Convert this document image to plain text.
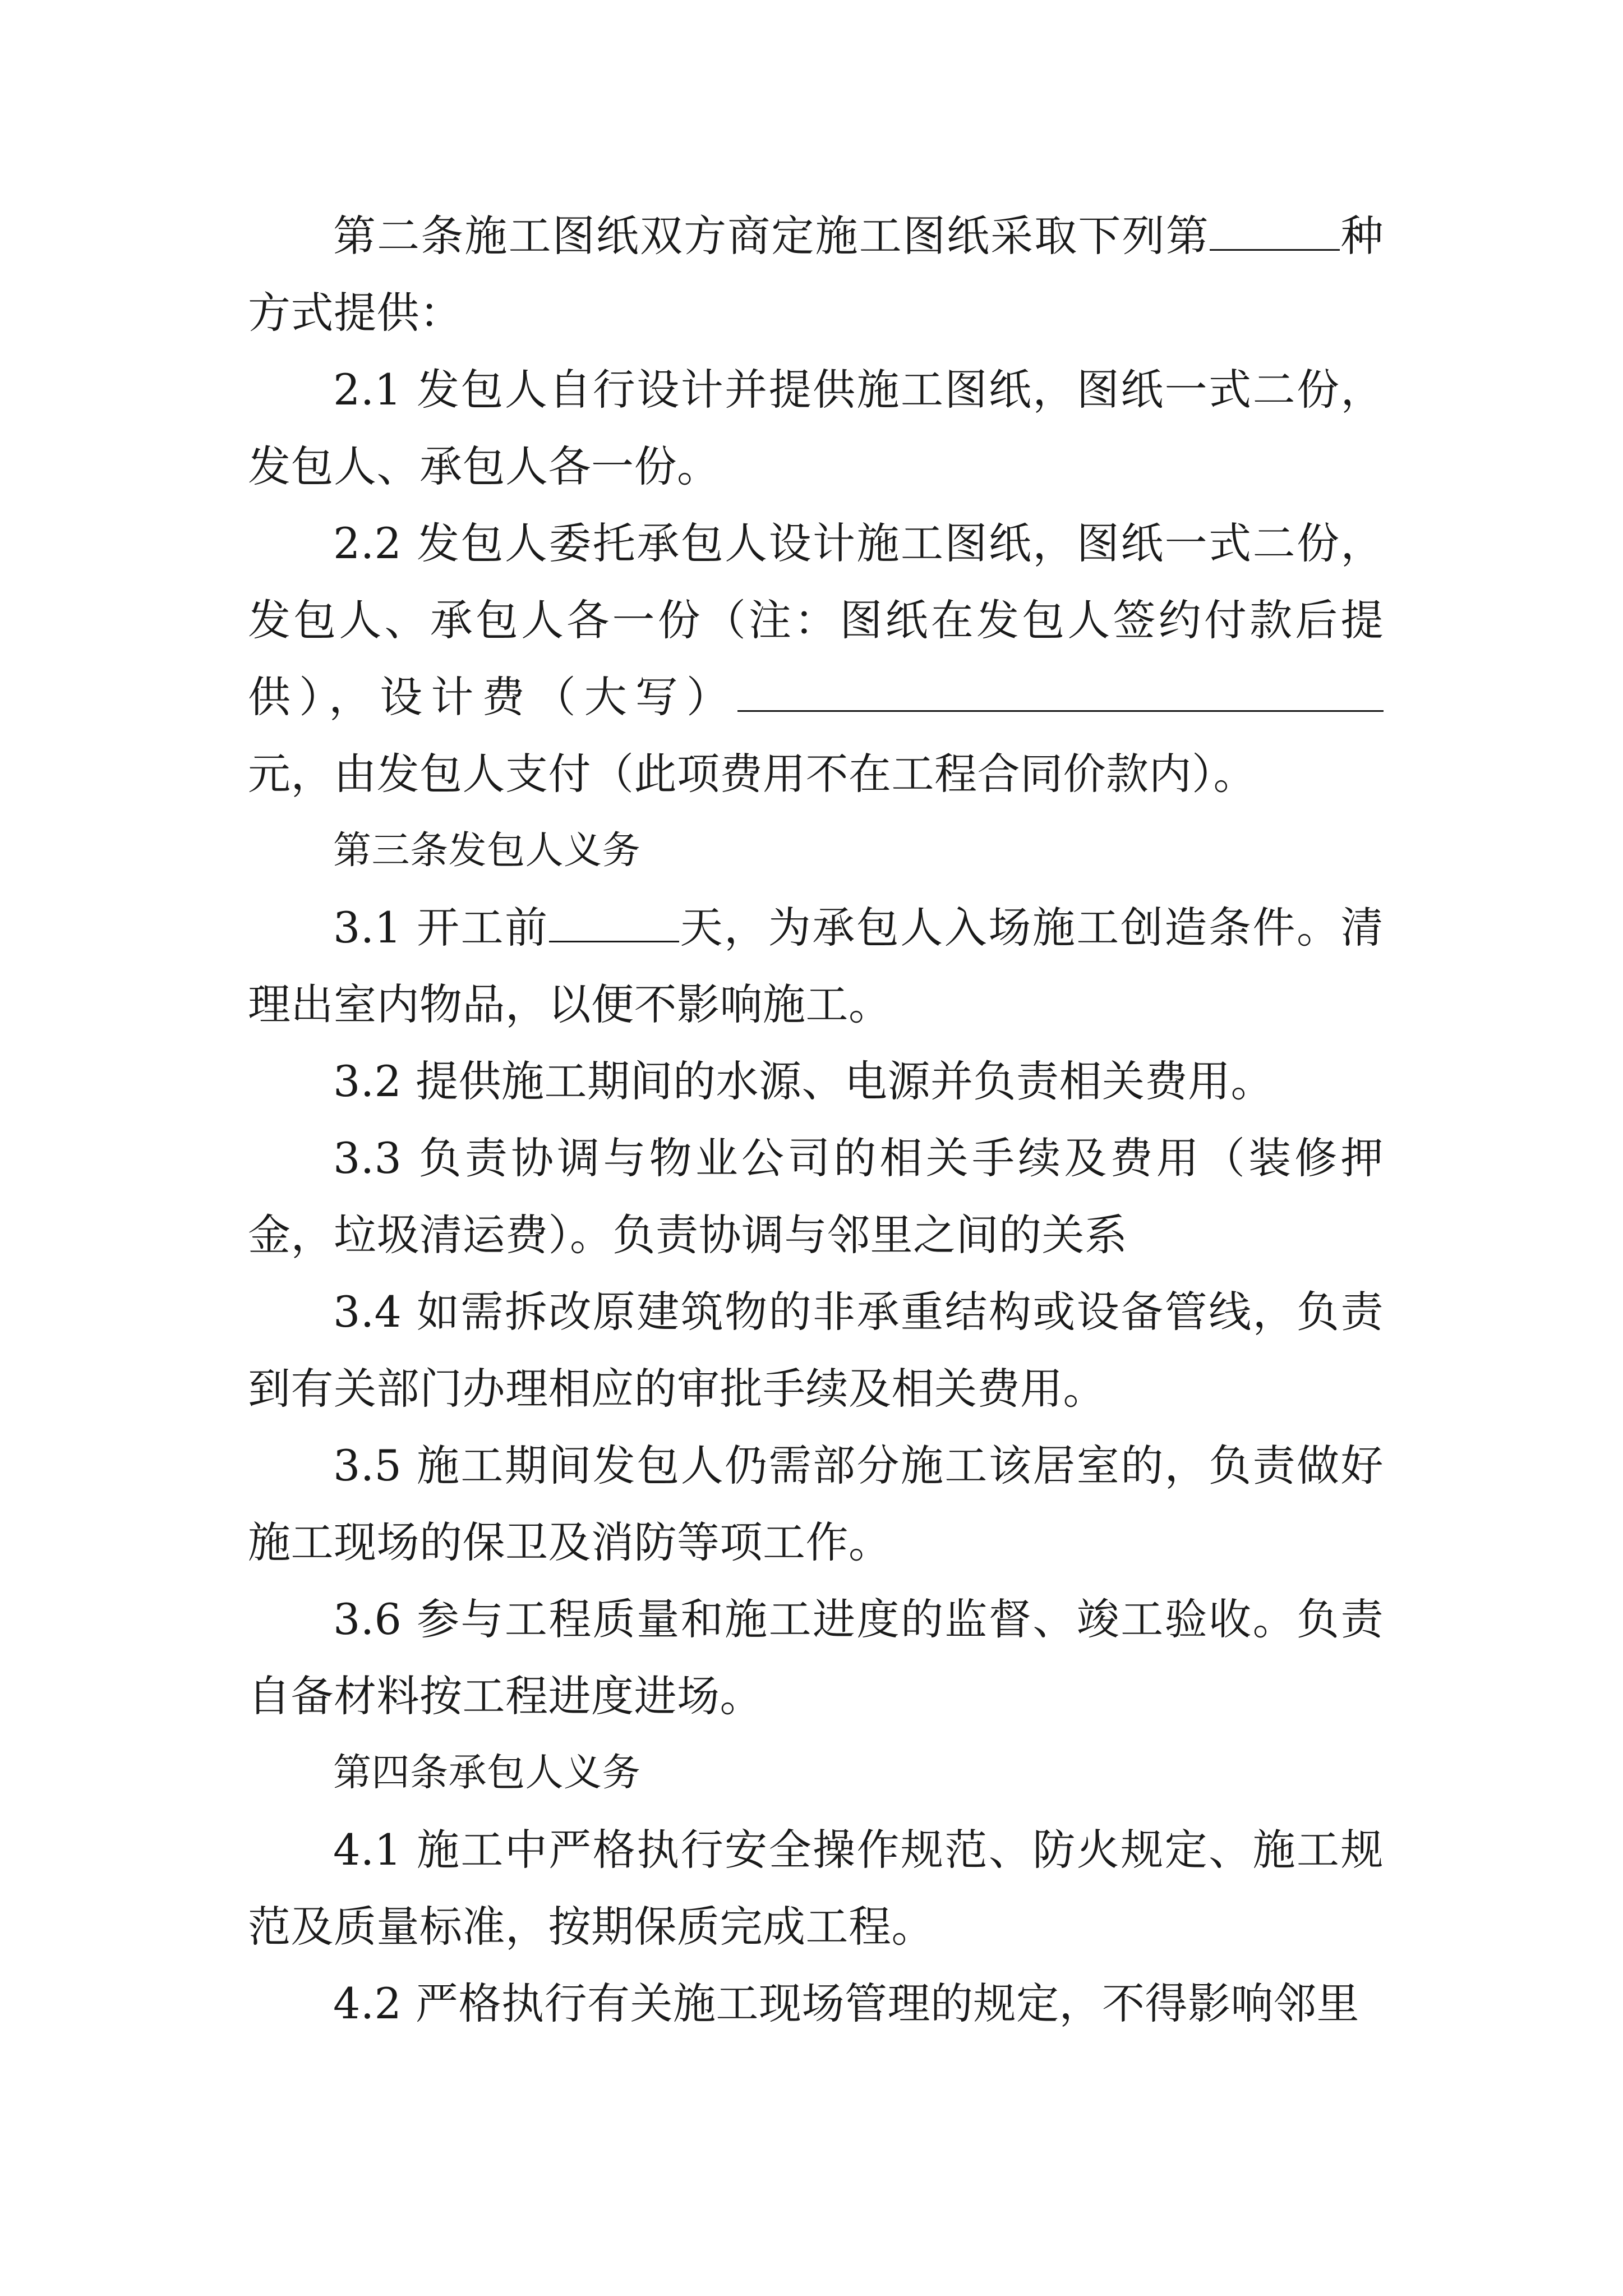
第二条施工图纸双方商定施工图纸采取下列第	种方式提供：

2.1 发包人自行设计并提供施工图纸，图纸一式二份，发包人、承包人各一份。

2.2 发包人委托承包人设计施工图纸，图纸一式二份，发包人、承包人各一份（注：图纸在发包人签约付款后提供），设计费（大写）元，由发包人支付（此项费用不在工程合同价款内）。

第三条发包人义务

3.1 开工前	天，为承包人入场施工创造条件。清理出室内物品，以便不影响施工。

3.2 提供施工期间的水源、电源并负责相关费用。

3.3 负责协调与物业公司的相关手续及费用（装修押金，垃圾清运费）。负责协调与邻里之间的关系

3.4 如需拆改原建筑物的非承重结构或设备管线，负责到有关部门办理相应的审批手续及相关费用。

3.5 施工期间发包人仍需部分施工该居室的，负责做好施工现场的保卫及消防等项工作。

3.6 参与工程质量和施工进度的监督、竣工验收。负责自备材料按工程进度进场。

第四条承包人义务

4.1 施工中严格执行安全操作规范、防火规定、施工规范及质量标准，按期保质完成工程。

4.2 严格执行有关施工现场管理的规定，不得影响邻里
